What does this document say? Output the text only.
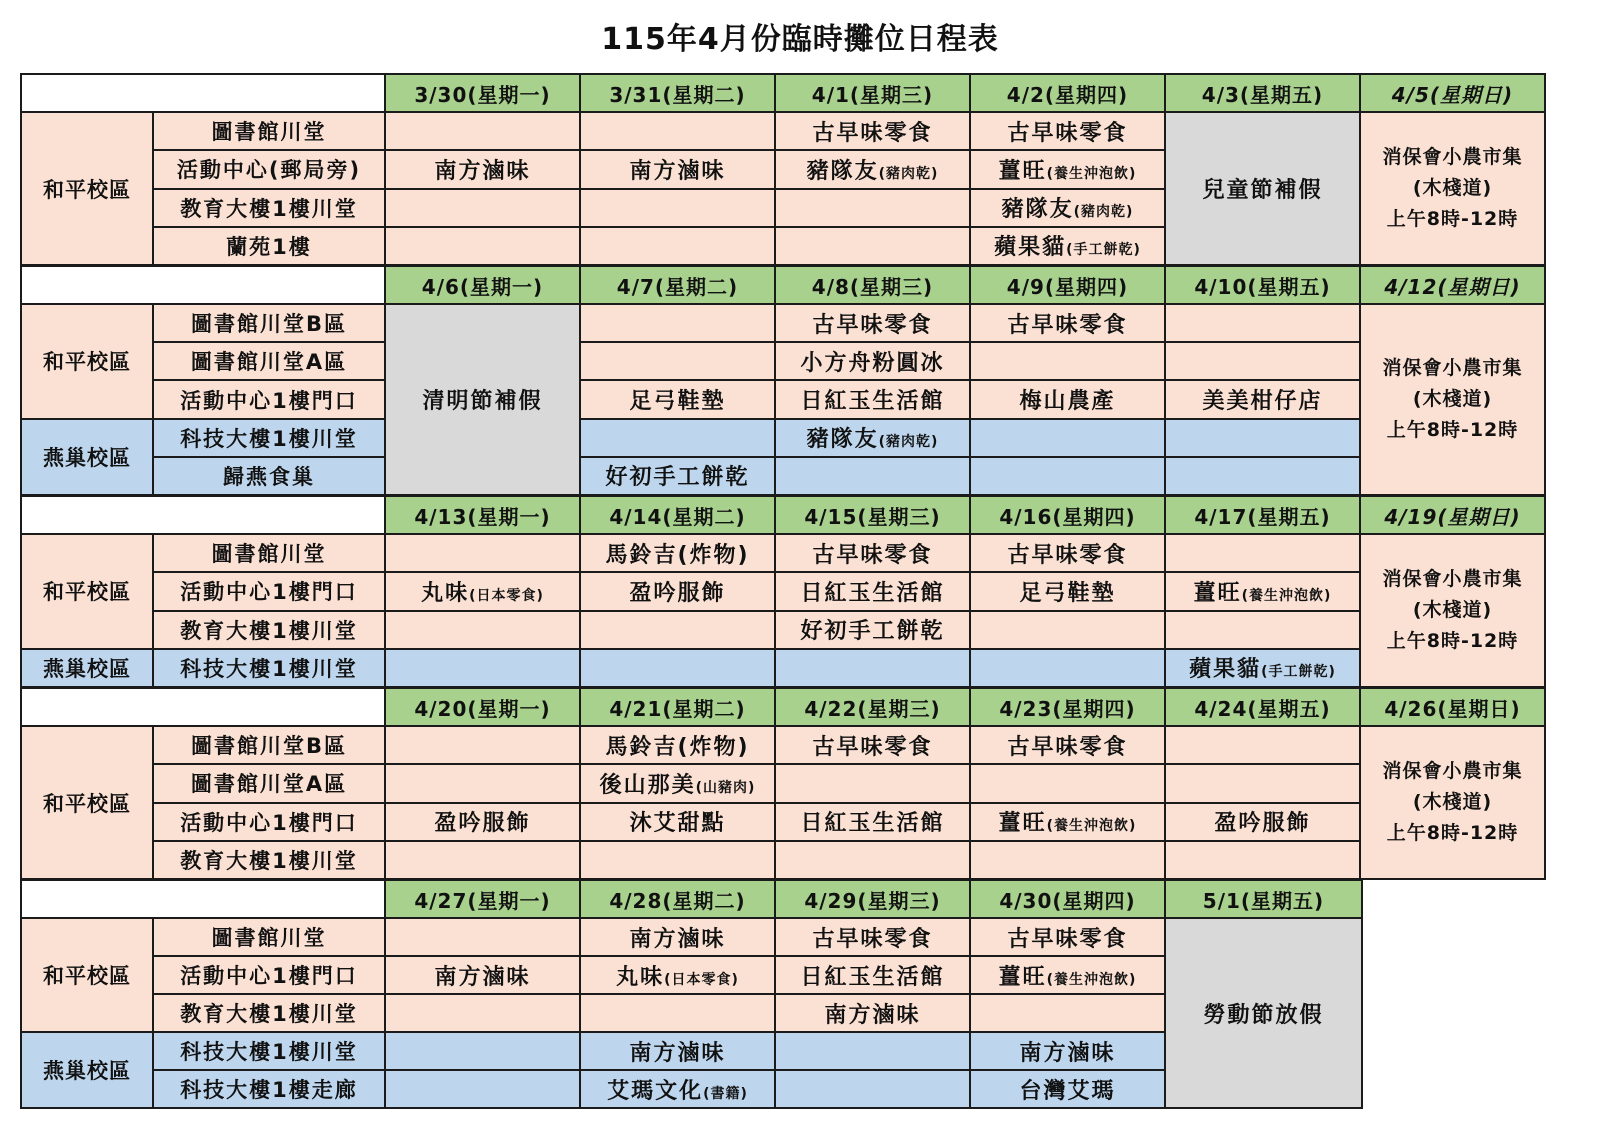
115年4月份臨時攤位日程表
		3/30(星期一)	3/31(星期二)	4/1(星期三)	4/2(星期四)	4/3(星期五)	4/5(星期日)
和平校區	圖書館川堂			古早味零食	古早味零食	兒童節補假	消保會小農市集
(木棧道)
上午8時-12時

	活動中心(郵局旁)	南方滷味	南方滷味	豬隊友(豬肉乾)	薑旺(養生沖泡飲)		
	教育大樓1樓川堂				豬隊友(豬肉乾)		
	蘭苑1樓				蘋果貓(手工餅乾)		
		4/6(星期一)	4/7(星期二)	4/8(星期三)	4/9(星期四)	4/10(星期五)	4/12(星期日)
和平校區	圖書館川堂B區	清明節補假		古早味零食	古早味零食		消保會小農市集
(木棧道)
上午8時-12時

	圖書館川堂A區			小方舟粉圓冰			
	活動中心1樓門口		足弓鞋墊	日紅玉生活館	梅山農產	美美柑仔店	
燕巢校區	科技大樓1樓川堂			豬隊友(豬肉乾)			
	歸燕食巢		好初手工餅乾				
		4/13(星期一)	4/14(星期二)	4/15(星期三)	4/16(星期四)	4/17(星期五)	4/19(星期日)
和平校區	圖書館川堂		馬鈴吉(炸物)	古早味零食	古早味零食		消保會小農市集
(木棧道)
上午8時-12時

	活動中心1樓門口	丸味(日本零食)	盈吟服飾	日紅玉生活館	足弓鞋墊	薑旺(養生沖泡飲)	
	教育大樓1樓川堂			好初手工餅乾			
燕巢校區	科技大樓1樓川堂					蘋果貓(手工餅乾)	
		4/20(星期一)	4/21(星期二)	4/22(星期三)	4/23(星期四)	4/24(星期五)	4/26(星期日)
和平校區	圖書館川堂B區		馬鈴吉(炸物)	古早味零食	古早味零食		消保會小農市集
(木棧道)
上午8時-12時

	圖書館川堂A區		後山那美(山豬肉)				
	活動中心1樓門口	盈吟服飾	沐艾甜點	日紅玉生活館	薑旺(養生沖泡飲)	盈吟服飾	
	教育大樓1樓川堂						
		4/27(星期一)	4/28(星期二)	4/29(星期三)	4/30(星期四)	5/1(星期五)
和平校區	圖書館川堂		南方滷味	古早味零食	古早味零食	勞動節放假
	活動中心1樓門口	南方滷味	丸味(日本零食)	日紅玉生活館	薑旺(養生沖泡飲)	
	教育大樓1樓川堂			南方滷味		
燕巢校區	科技大樓1樓川堂		南方滷味		南方滷味	
	科技大樓1樓走廊		艾瑪文化(書籍)		台灣艾瑪	
